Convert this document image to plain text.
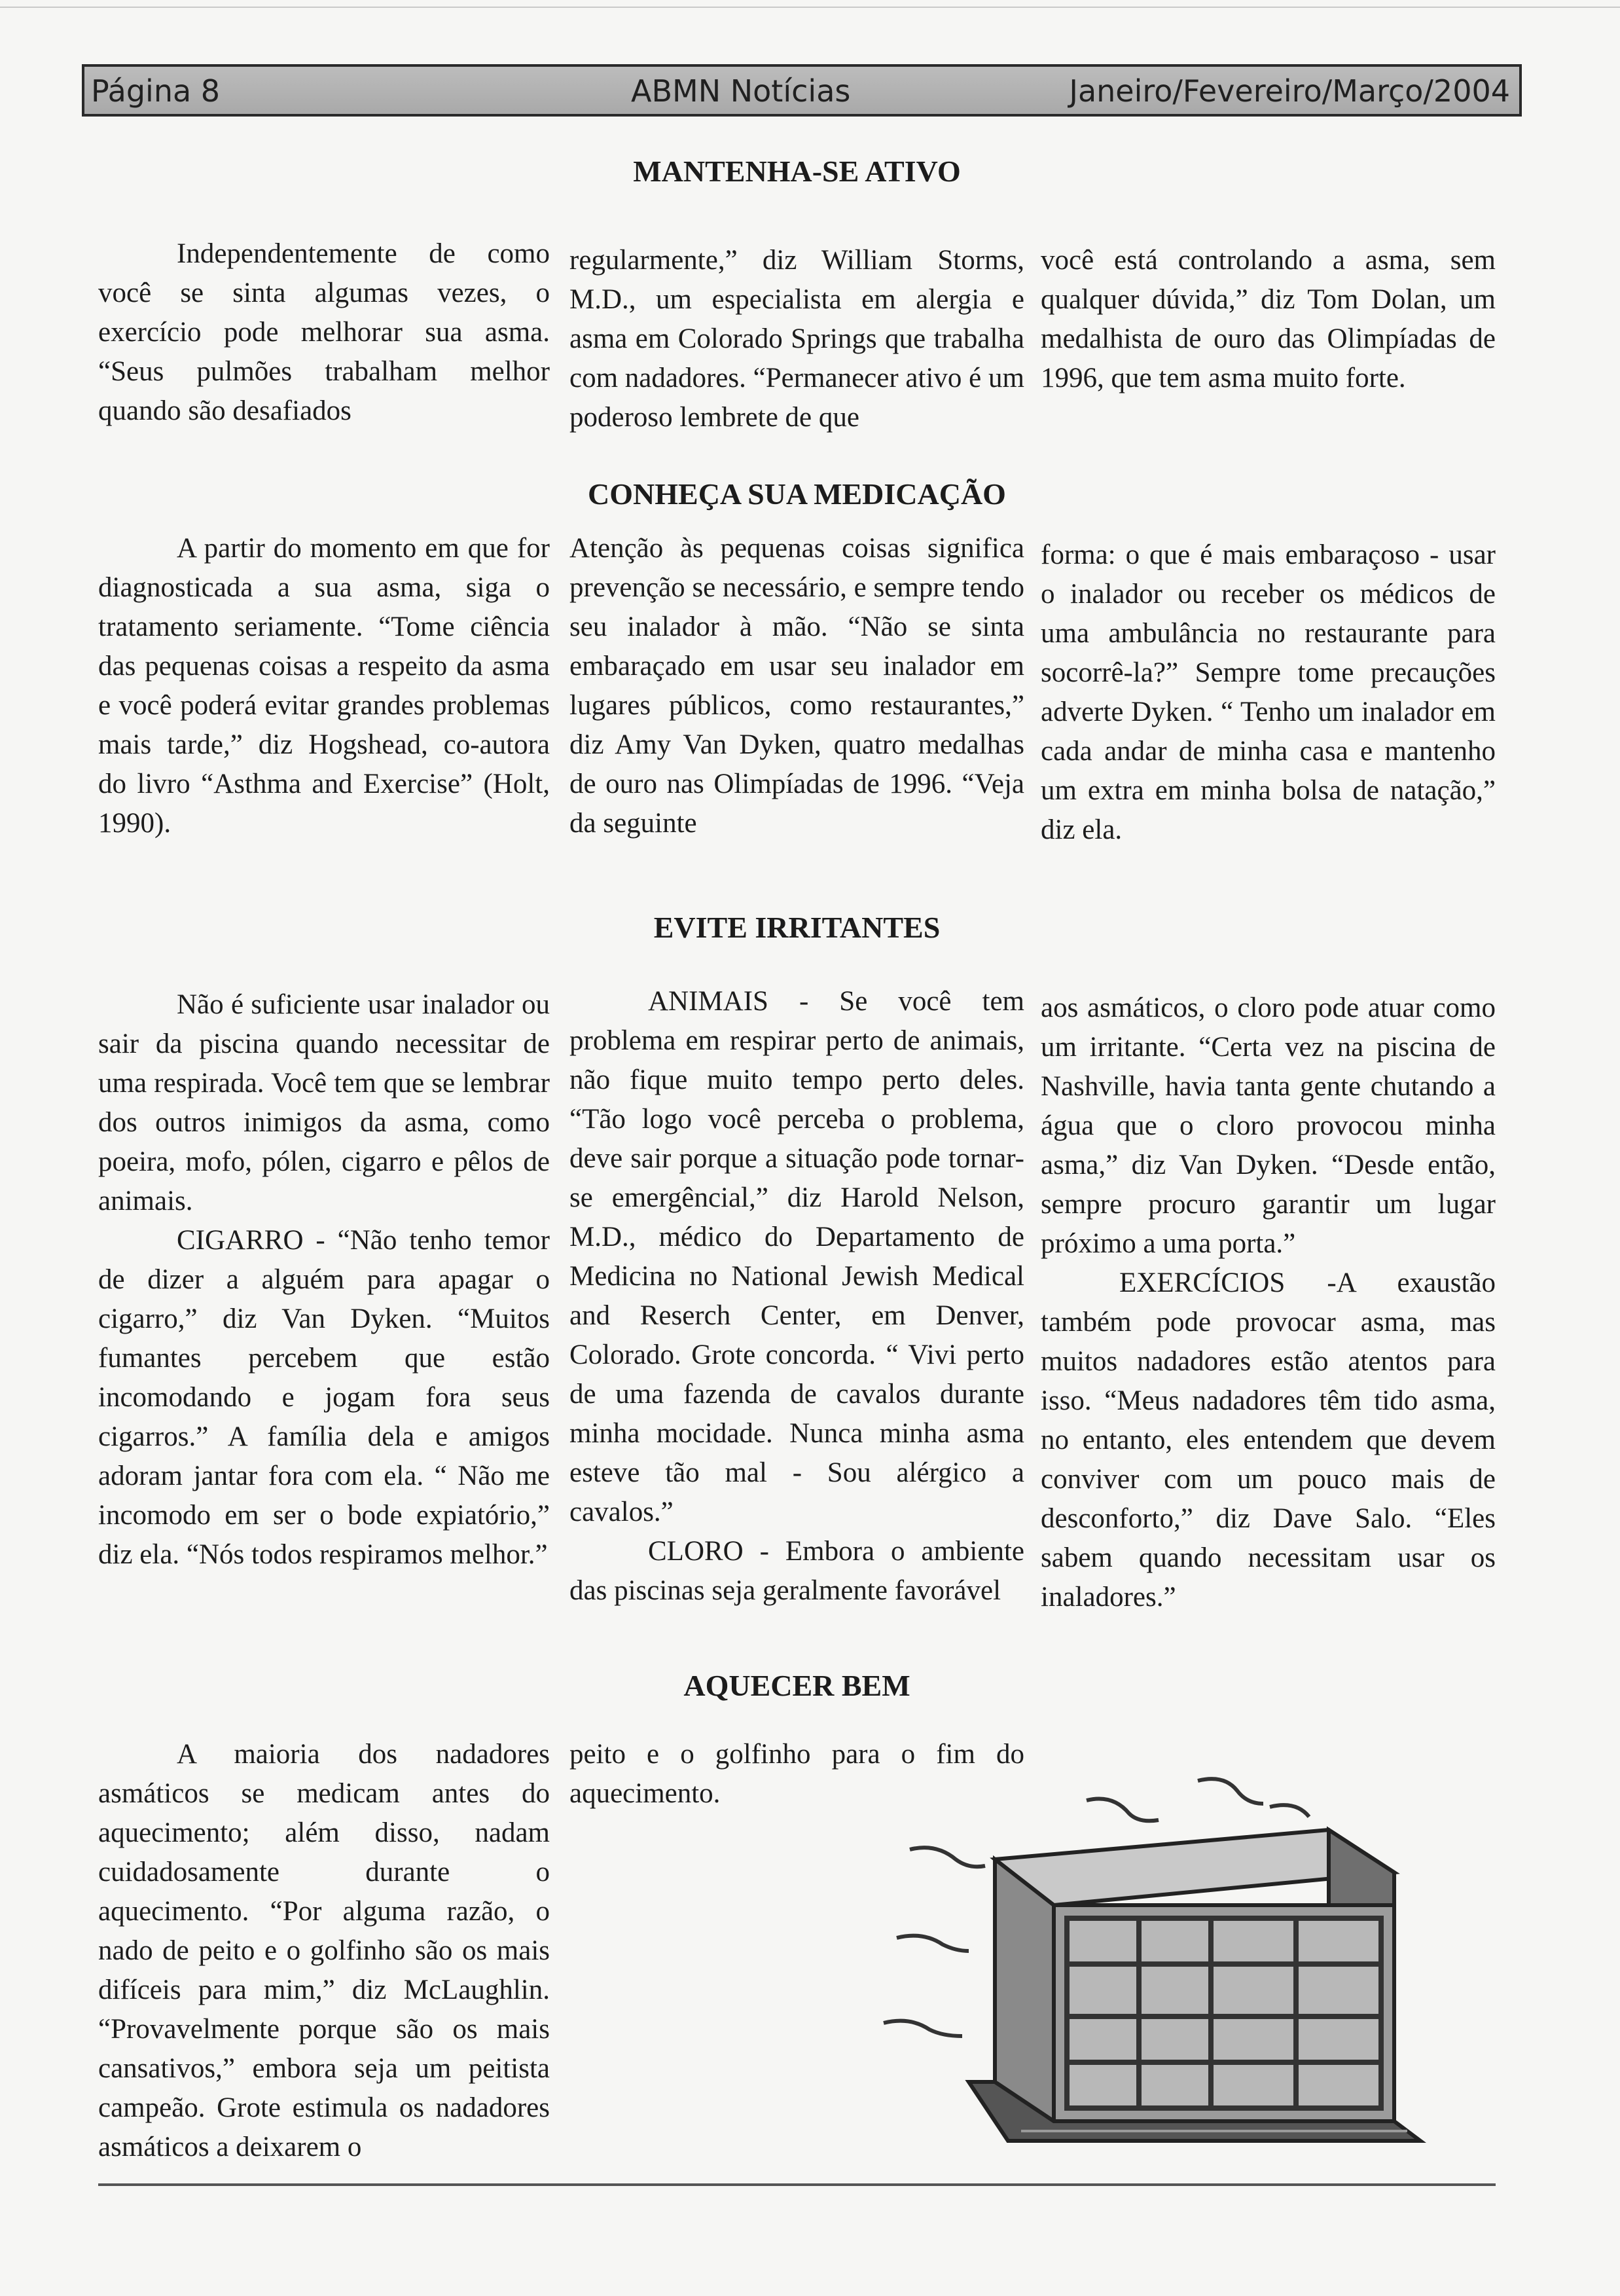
Página 8	ABMN Notícias	Janeiro/Fevereiro/Março/2004
MANTENHA-SE ATIVO

Independentemente de como você se sinta algumas vezes, o exercício pode melhorar sua asma. “Seus pulmões trabalham melhor quando são desafiados

regularmente,” diz William Storms, M.D., um especialista em alergia e asma em Colorado Springs que trabalha com nadadores. “Permanecer ativo é um poderoso lembrete de que

você está controlando a asma, sem qualquer dúvida,” diz Tom Dolan, um medalhista de ouro das Olimpíadas de 1996, que tem asma muito forte.

CONHEÇA SUA MEDICAÇÃO

A partir do momento em que for diagnosticada a sua asma, siga o tratamento seriamente. “Tome ciência das pequenas coisas a respeito da asma e você poderá evitar grandes problemas mais tarde,” diz Hogshead, co-autora do livro “Asthma and Exercise” (Holt, 1990).

Atenção às pequenas coisas significa prevenção se necessário, e sempre tendo seu inalador à mão. “Não se sinta embaraçado em usar seu inalador em lugares públicos, como restaurantes,” diz Amy Van Dyken, quatro medalhas de ouro nas Olimpíadas de 1996. “Veja da seguinte

forma: o que é mais embaraçoso - usar o inalador ou receber os médicos de uma ambulância no restaurante para socorrê-la?” Sempre tome precauções adverte Dyken. “ Tenho um inalador em cada andar de minha casa e mantenho um extra em minha bolsa de natação,” diz ela.

EVITE IRRITANTES

Não é suficiente usar inalador ou sair da piscina quando necessitar de uma respirada. Você tem que se lembrar dos outros inimigos da asma, como poeira, mofo, pólen, cigarro e pêlos de animais.

CIGARRO - “Não tenho temor de dizer a alguém para apagar o cigarro,” diz Van Dyken. “Muitos fumantes percebem que estão incomodando e jogam fora seus cigarros.” A família dela e amigos adoram jantar fora com ela. “ Não me incomodo em ser o bode expiatório,” diz ela. “Nós todos respiramos melhor.”

ANIMAIS - Se você tem problema em respirar perto de animais, não fique muito tempo perto deles. “Tão logo você perceba o problema, deve sair porque a situação pode tornar-se emergêncial,” diz Harold Nelson, M.D., médico do Departamento de Medicina no National Jewish Medical and Reserch Center, em Denver, Colorado. Grote concorda. “ Vivi perto de uma fazenda de cavalos durante minha mocidade. Nunca minha asma esteve tão mal - Sou alérgico a cavalos.”

CLORO - Embora o ambiente das piscinas seja geralmente favorável

aos asmáticos, o cloro pode atuar como um irritante. “Certa vez na piscina de Nashville, havia tanta gente chutando a água que o cloro provocou minha asma,” diz Van Dyken. “Desde então, sempre procuro garantir um lugar próximo a uma porta.”

EXERCÍCIOS -A exaustão também pode provocar asma, mas muitos nadadores estão atentos para isso. “Meus nadadores têm tido asma, no entanto, eles entendem que devem conviver com um pouco mais de desconforto,” diz Dave Salo. “Eles sabem quando necessitam usar os inaladores.”

AQUECER BEM

A maioria dos nadadores asmáticos se medicam antes do aquecimento; além disso, nadam cuidadosamente durante o aquecimento. “Por alguma razão, o nado de peito e o golfinho são os mais difíceis para mim,” diz McLaughlin. “Provavelmente porque são os mais cansativos,” embora seja um peitista campeão. Grote estimula os nadadores asmáticos a deixarem o

peito e o golfinho para o fim do aquecimento.
